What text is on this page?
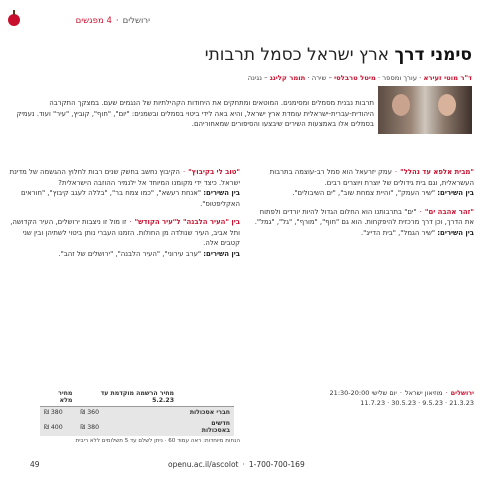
ירושלים·4 מפגשים
סימני דרך ארץ ישראל כסמל תרבותי
ד"ר מוטי זעירא · עורך ומספר · מיטל טרבלסי – שירה · תומר קלינג – נגינה
תרבות נבנית מסמלים ומסימנים. המוטאים ומתחקים את היחודות הקהילתיות של הנגמים שעם. במצקך התקרבה היהודית-עברית-ישראלית עומדת ארץ ישראל, והיא באה לידי ביטוי בסמלים ובשמנים: "יום", "חוף", קוביץ, "עיר" ועוד. נעמיק בסמלים אלו באמצעות השירים שיבצעו והסיפורים שמאחוריהם.

"מבית אלפא עד נהלל"·עמק יזרעאל הוא סמל רב-עוצמה בתרבות העשראלית, וגם בית גידולים של יוצרת ויוצרים רבים.
בין השירים: "שיר העמק", "והיית צמחת שוב", "ים השיבולים".

"זהר אהבה ים"·"ים" בתרבותנו הוא החלום הגדול להיות יורדים ולפתוח את הדרך, וכן דרך מרכזית להיפקחות. הוא גם "חוף", "מורף", "גל", "גמל".
בין השירים: "שיר הגמל", "בית הדייג".

"טוב לי בקיבוץ"·הקיבוץ נחשב בחשק שנים רבות לחלוץ ההגשמה של מדינת ישראל. כיצד ידי מקומנו המיוחד אל ילנמיר ההוזבה הישראלית?
בין השירים: "אנחת רעשא", "כמו צמח בר", "בללה לעגב קיבוץ", "חוראים האקליפטוס".

בין "העיר הלבנה" ל"עיר הקודש"·זו מול זו ניצבות ירושלים, העיר הקדושה, ותל אביב, העיר שנולדה מן החולות. הזמנו העברי נותן ביטוי לשתיהן ובין שני קטבים אלה.
בין השירים: "ערב עירוני", "העיר הלבנה", "ירושלים של זהב".

ירושלים·מוזיאון ישראל·יום שלישי 21:30-20:00
21.3.23 · 9.5.23 · 30.5.23 · 11.7.23
	מחיר הרשמה מוקדמת עד 5.2.23	מחיר מלא
חברי אסכולות	360 ₪	380 ₪
חדשים באסכולות	380 ₪	400 ₪
הנחות מיוחדות: ראה עמוד 60 · ניתן לשלם עד 5 תשלומים ללא ריבית
49	openu.ac.il/ascolot · 1-700-700-169
